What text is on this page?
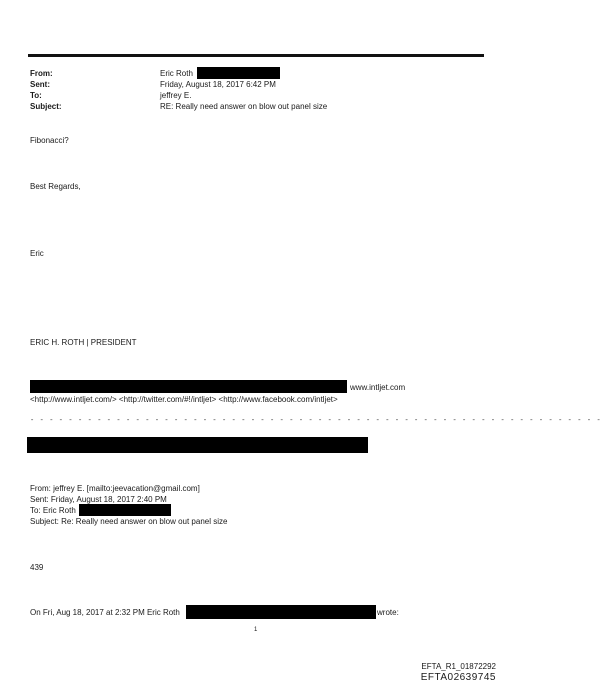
From:
Sent:
To:
Subject:
Eric Roth
Friday, August 18, 2017 6:42 PM
jeffrey E.
RE: Really need answer on blow out panel size
Fibonacci?
Best Regards,
Eric
ERIC H. ROTH | PRESIDENT
www.intljet.com
<http://www.intljet.com/> <http://twitter.com/#!/intljet> <http://www.facebook.com/intljet>
- - - - - - - - - - - - - - - - - - - - - - - - - - - - - - - - - - - - - - - - - - - - - - - - - - - - - - - - - - - -
From: jeffrey E. [mailto:jeevacation@gmail.com]
Sent: Friday, August 18, 2017 2:40 PM
To: Eric Roth
Subject: Re: Really need answer on blow out panel size
439
On Fri, Aug 18, 2017 at 2:32 PM Eric Roth	wrote:
1
EFTA_R1_01872292
EFTA02639745
